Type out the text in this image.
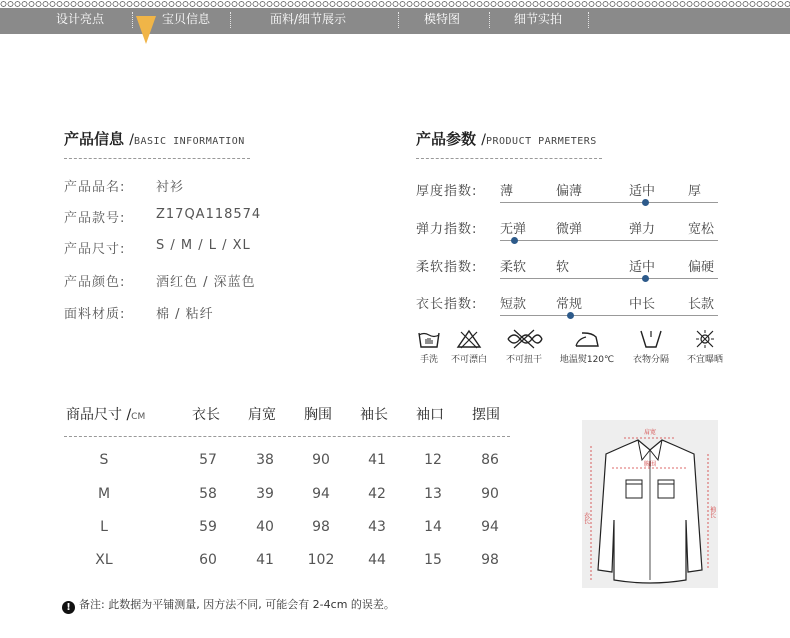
设计亮点	宝贝信息	面料/细节展示	模特图	细节实拍
产品信息 /BASIC INFORMATION
产品品名: 衬衫
产品款号: Z17QA118574
产品尺寸: S / M / L / XL
产品颜色: 酒红色 / 深蓝色
面料材质: 棉 / 粘纤
产品参数 /PRODUCT PARMETERS
厚度指数: 薄	偏薄	适中	厚
弹力指数: 无弹 微弹	弹力	宽松
柔软指数: 柔软 软	适中	偏硬
衣长指数: 短款 常规	中长	长款
手洗	不可漂白	不可扭干	地温熨120℃	衣物分隔	不宜曝晒
商品尺寸 /CM	衣长 肩宽 胸围 袖长 袖口 摆围
S	57	38	90	41	12	86
M	58	39	94	42	13	90
L	59	40	98	43	14	94
XL	60	41	102	44	15	98
肩宽
胸围
衣长	袖长
! 备注: 此数据为平铺测量, 因方法不同, 可能会有 2-4cm 的误差。
